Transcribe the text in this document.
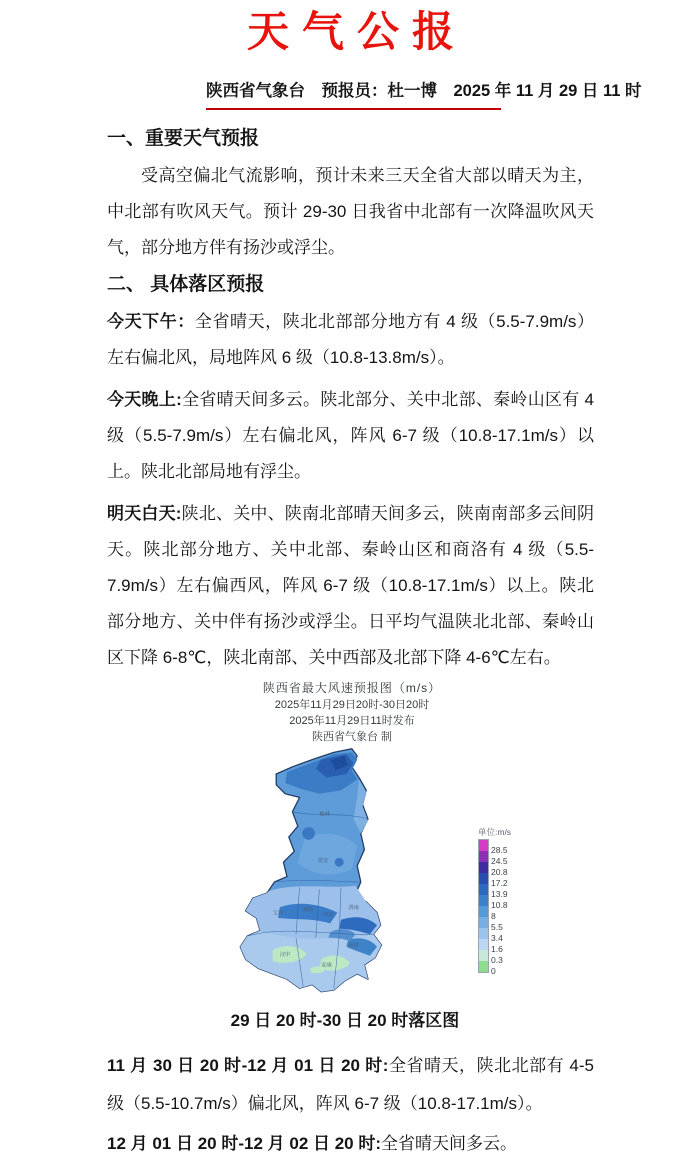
天气公报
陕西省气象台　预报员：杜一博　2025 年 11 月 29 日 11 时
一、重要天气预报

受高空偏北气流影响，预计未来三天全省大部以晴天为主，中北部有吹风天气。预计 29-30 日我省中北部有一次降温吹风天气，部分地方伴有扬沙或浮尘。

二、 具体落区预报

今天下午：全省晴天，陕北北部部分地方有 4 级（5.5-7.9m/s）左右偏北风，局地阵风 6 级（10.8-13.8m/s）。

今天晚上:全省晴天间多云。陕北部分、关中北部、秦岭山区有 4 级（5.5-7.9m/s）左右偏北风，阵风 6-7 级（10.8-17.1m/s）以上。陕北北部局地有浮尘。

明天白天:陕北、关中、陕南北部晴天间多云，陕南南部多云间阴天。陕北部分地方、关中北部、秦岭山区和商洛有 4 级（5.5-7.9m/s）左右偏西风，阵风 6-7 级（10.8-17.1m/s）以上。陕北部分地方、关中伴有扬沙或浮尘。日平均气温陕北北部、秦岭山区下降 6-8℃，陕北南部、关中西部及北部下降 4-6℃左右。

陕西省最大风速预报图（m/s）
2025年11月29日20时-30日20时
2025年11月29日11时发布
陕西省气象台 制
榆林
延安
宝鸡
咸阳
西安
渭南
商洛
汉中
安康
单位:m/s
28.5
24.5
20.8
17.2
13.9
10.8
8
5.5
3.4
1.6
0.3
0
29 日 20 时-30 日 20 时落区图

11 月 30 日 20 时-12 月 01 日 20 时:全省晴天，陕北北部有 4-5 级（5.5-10.7m/s）偏北风，阵风 6-7 级（10.8-17.1m/s）。

12 月 01 日 20 时-12 月 02 日 20 时:全省晴天间多云。
